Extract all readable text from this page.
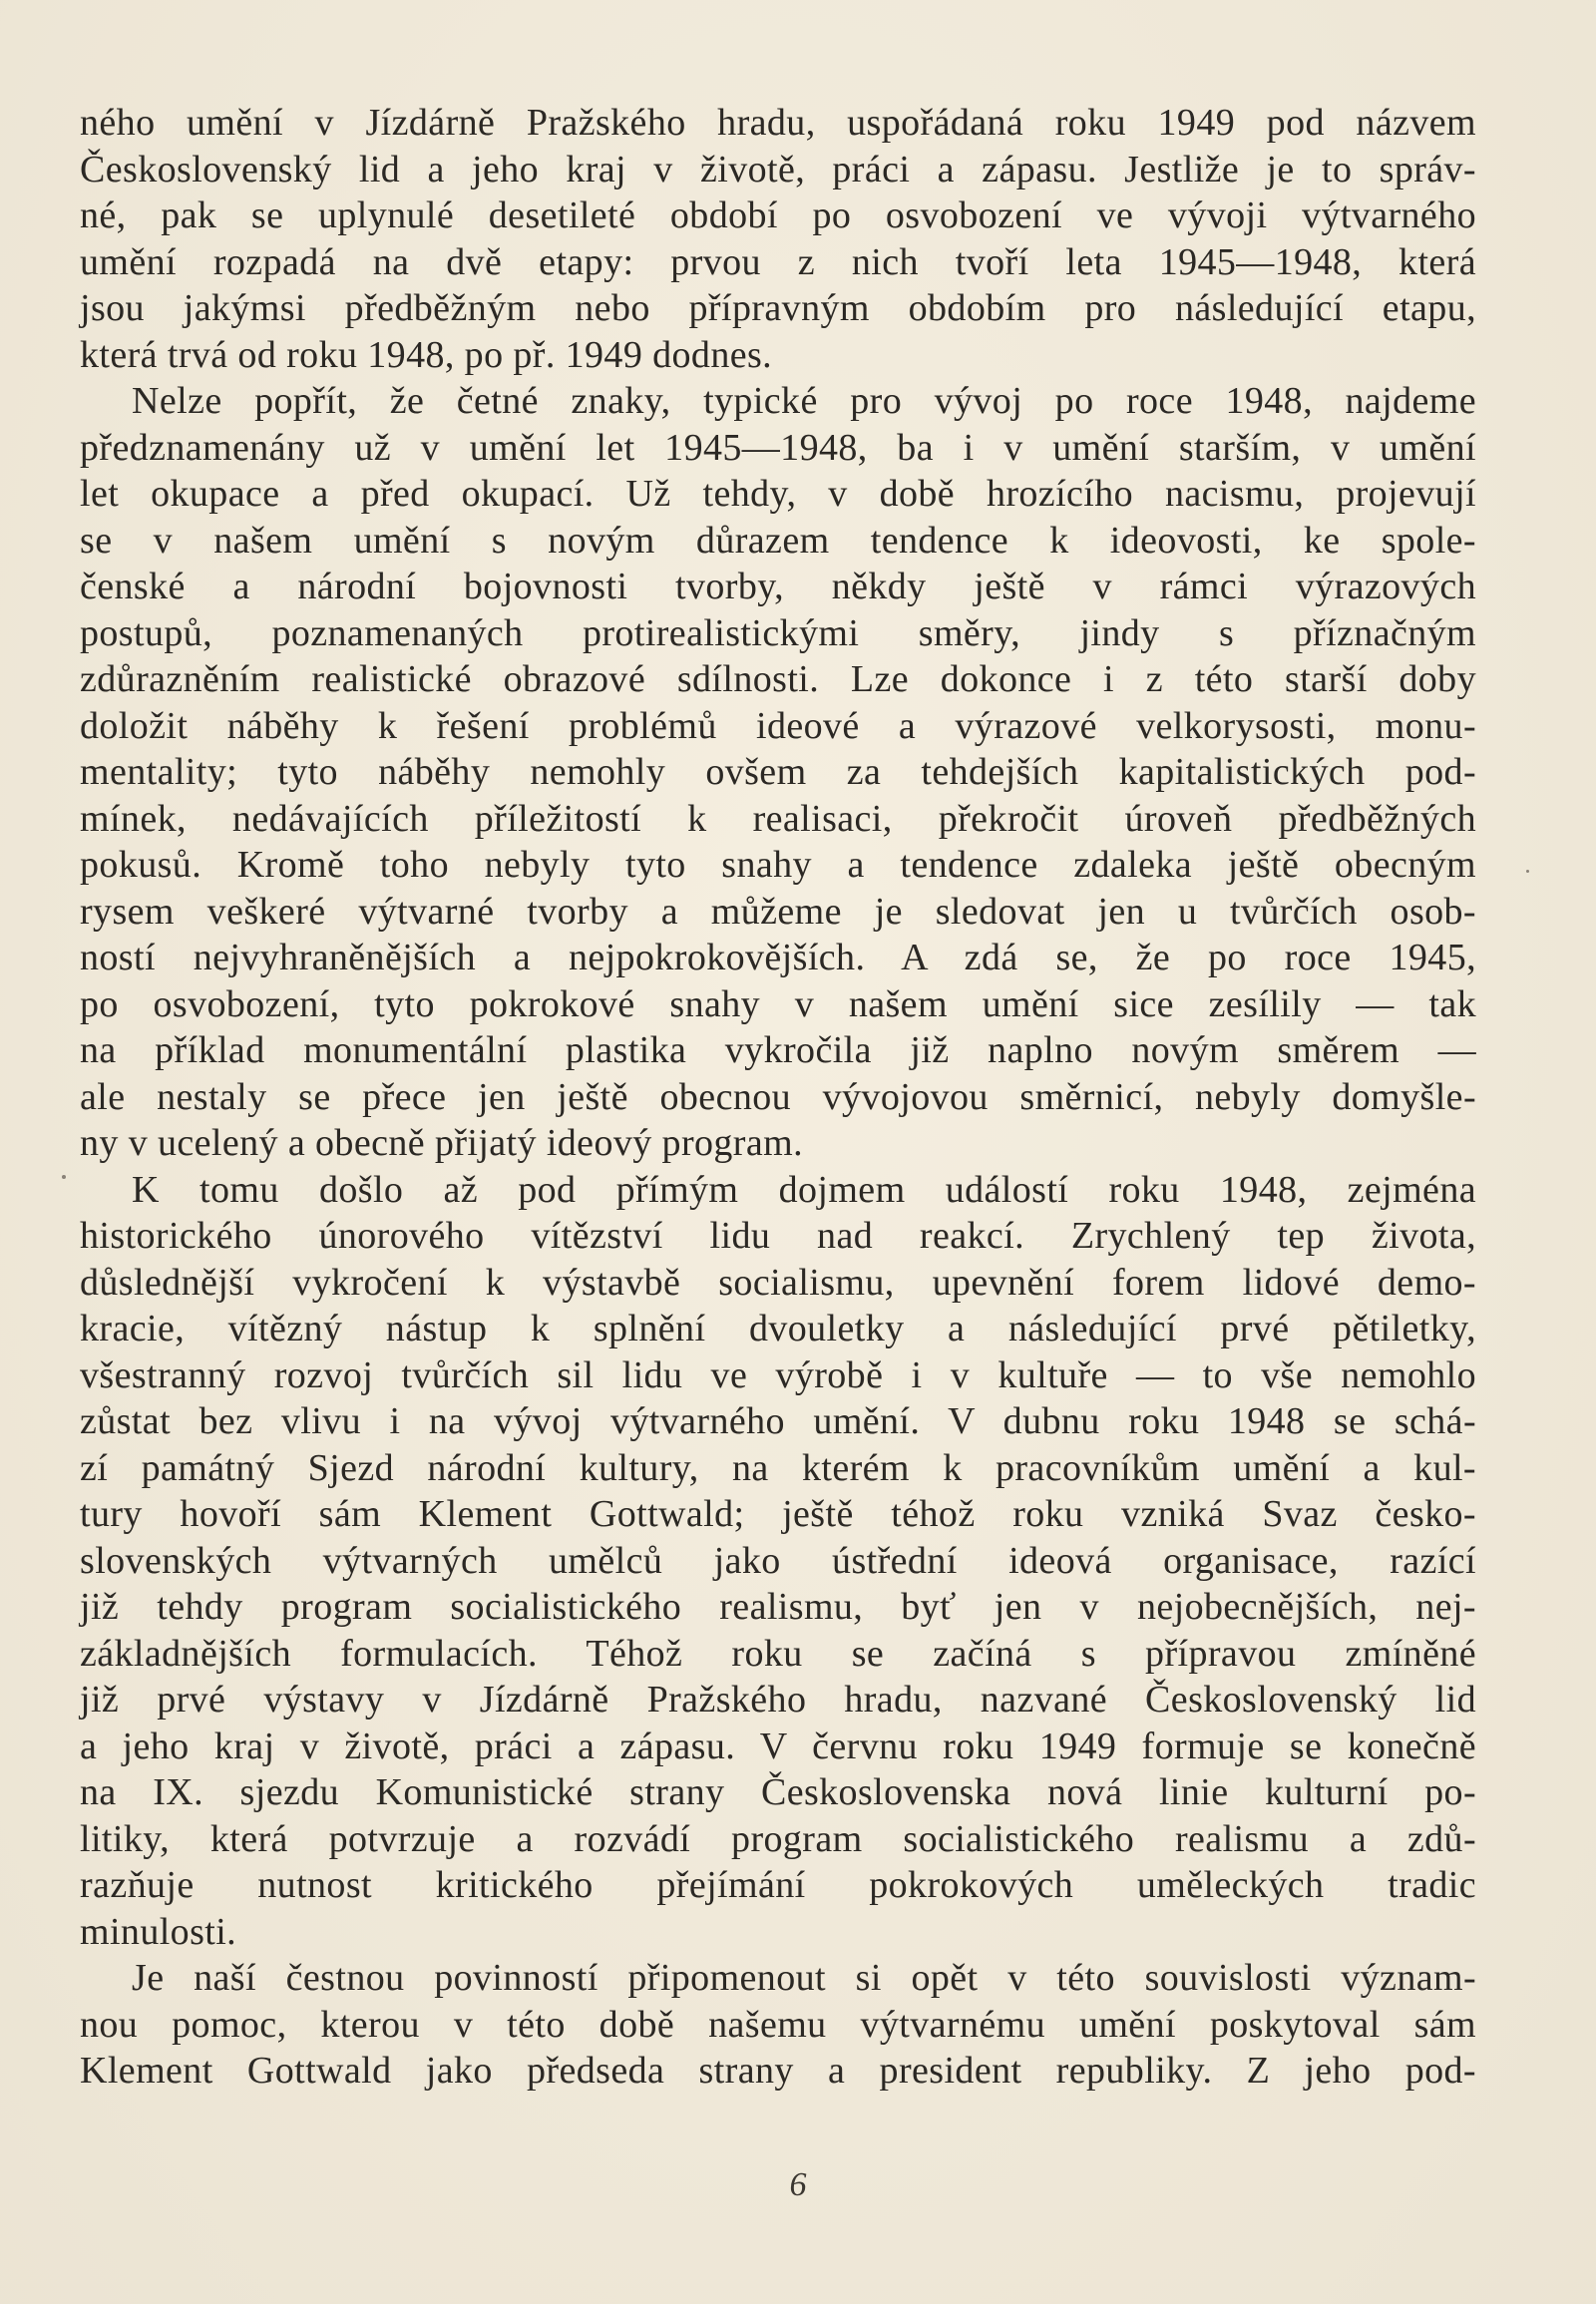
ného umění v Jízdárně Pražského hradu, uspořádaná roku 1949 pod názvem
Československý lid a jeho kraj v životě, práci a zápasu. Jestliže je to správ-
né, pak se uplynulé desetileté období po osvobození ve vývoji výtvarného
umění rozpadá na dvě etapy: prvou z nich tvoří leta 1945—1948, která
jsou jakýmsi předběžným nebo přípravným obdobím pro následující etapu,
která trvá od roku 1948, po př. 1949 dodnes.
Nelze popřít, že četné znaky, typické pro vývoj po roce 1948, najdeme
předznamenány už v umění let 1945—1948, ba i v umění starším, v umění
let okupace a před okupací. Už tehdy, v době hrozícího nacismu, projevují
se v našem umění s novým důrazem tendence k ideovosti, ke spole-
čenské a národní bojovnosti tvorby, někdy ještě v rámci výrazových
postupů, poznamenaných protirealistickými směry, jindy s příznačným
zdůrazněním realistické obrazové sdílnosti. Lze dokonce i z této starší doby
doložit náběhy k řešení problémů ideové a výrazové velkorysosti, monu-
mentality; tyto náběhy nemohly ovšem za tehdejších kapitalistických pod-
mínek, nedávajících příležitostí k realisaci, překročit úroveň předběžných
pokusů. Kromě toho nebyly tyto snahy a tendence zdaleka ještě obecným
rysem veškeré výtvarné tvorby a můžeme je sledovat jen u tvůrčích osob-
ností nejvyhraněnějších a nejpokrokovějších. A zdá se, že po roce 1945,
po osvobození, tyto pokrokové snahy v našem umění sice zesílily — tak
na příklad monumentální plastika vykročila již naplno novým směrem —
ale nestaly se přece jen ještě obecnou vývojovou směrnicí, nebyly domyšle-
ny v ucelený a obecně přijatý ideový program.
K tomu došlo až pod přímým dojmem událostí roku 1948, zejména
historického únorového vítězství lidu nad reakcí. Zrychlený tep života,
důslednější vykročení k výstavbě socialismu, upevnění forem lidové demo-
kracie, vítězný nástup k splnění dvouletky a následující prvé pětiletky,
všestranný rozvoj tvůrčích sil lidu ve výrobě i v kultuře — to vše nemohlo
zůstat bez vlivu i na vývoj výtvarného umění. V dubnu roku 1948 se schá-
zí památný Sjezd národní kultury, na kterém k pracovníkům umění a kul-
tury hovoří sám Klement Gottwald; ještě téhož roku vzniká Svaz česko-
slovenských výtvarných umělců jako ústřední ideová organisace, razící
již tehdy program socialistického realismu, byť jen v nejobecnějších, nej-
základnějších formulacích. Téhož roku se začíná s přípravou zmíněné
již prvé výstavy v Jízdárně Pražského hradu, nazvané Československý lid
a jeho kraj v životě, práci a zápasu. V červnu roku 1949 formuje se konečně
na IX. sjezdu Komunistické strany Československa nová linie kulturní po-
litiky, která potvrzuje a rozvádí program socialistického realismu a zdů-
razňuje nutnost kritického přejímání pokrokových uměleckých tradic
minulosti.
Je naší čestnou povinností připomenout si opět v této souvislosti význam-
nou pomoc, kterou v této době našemu výtvarnému umění poskytoval sám
Klement Gottwald jako předseda strany a president republiky. Z jeho pod-
6
